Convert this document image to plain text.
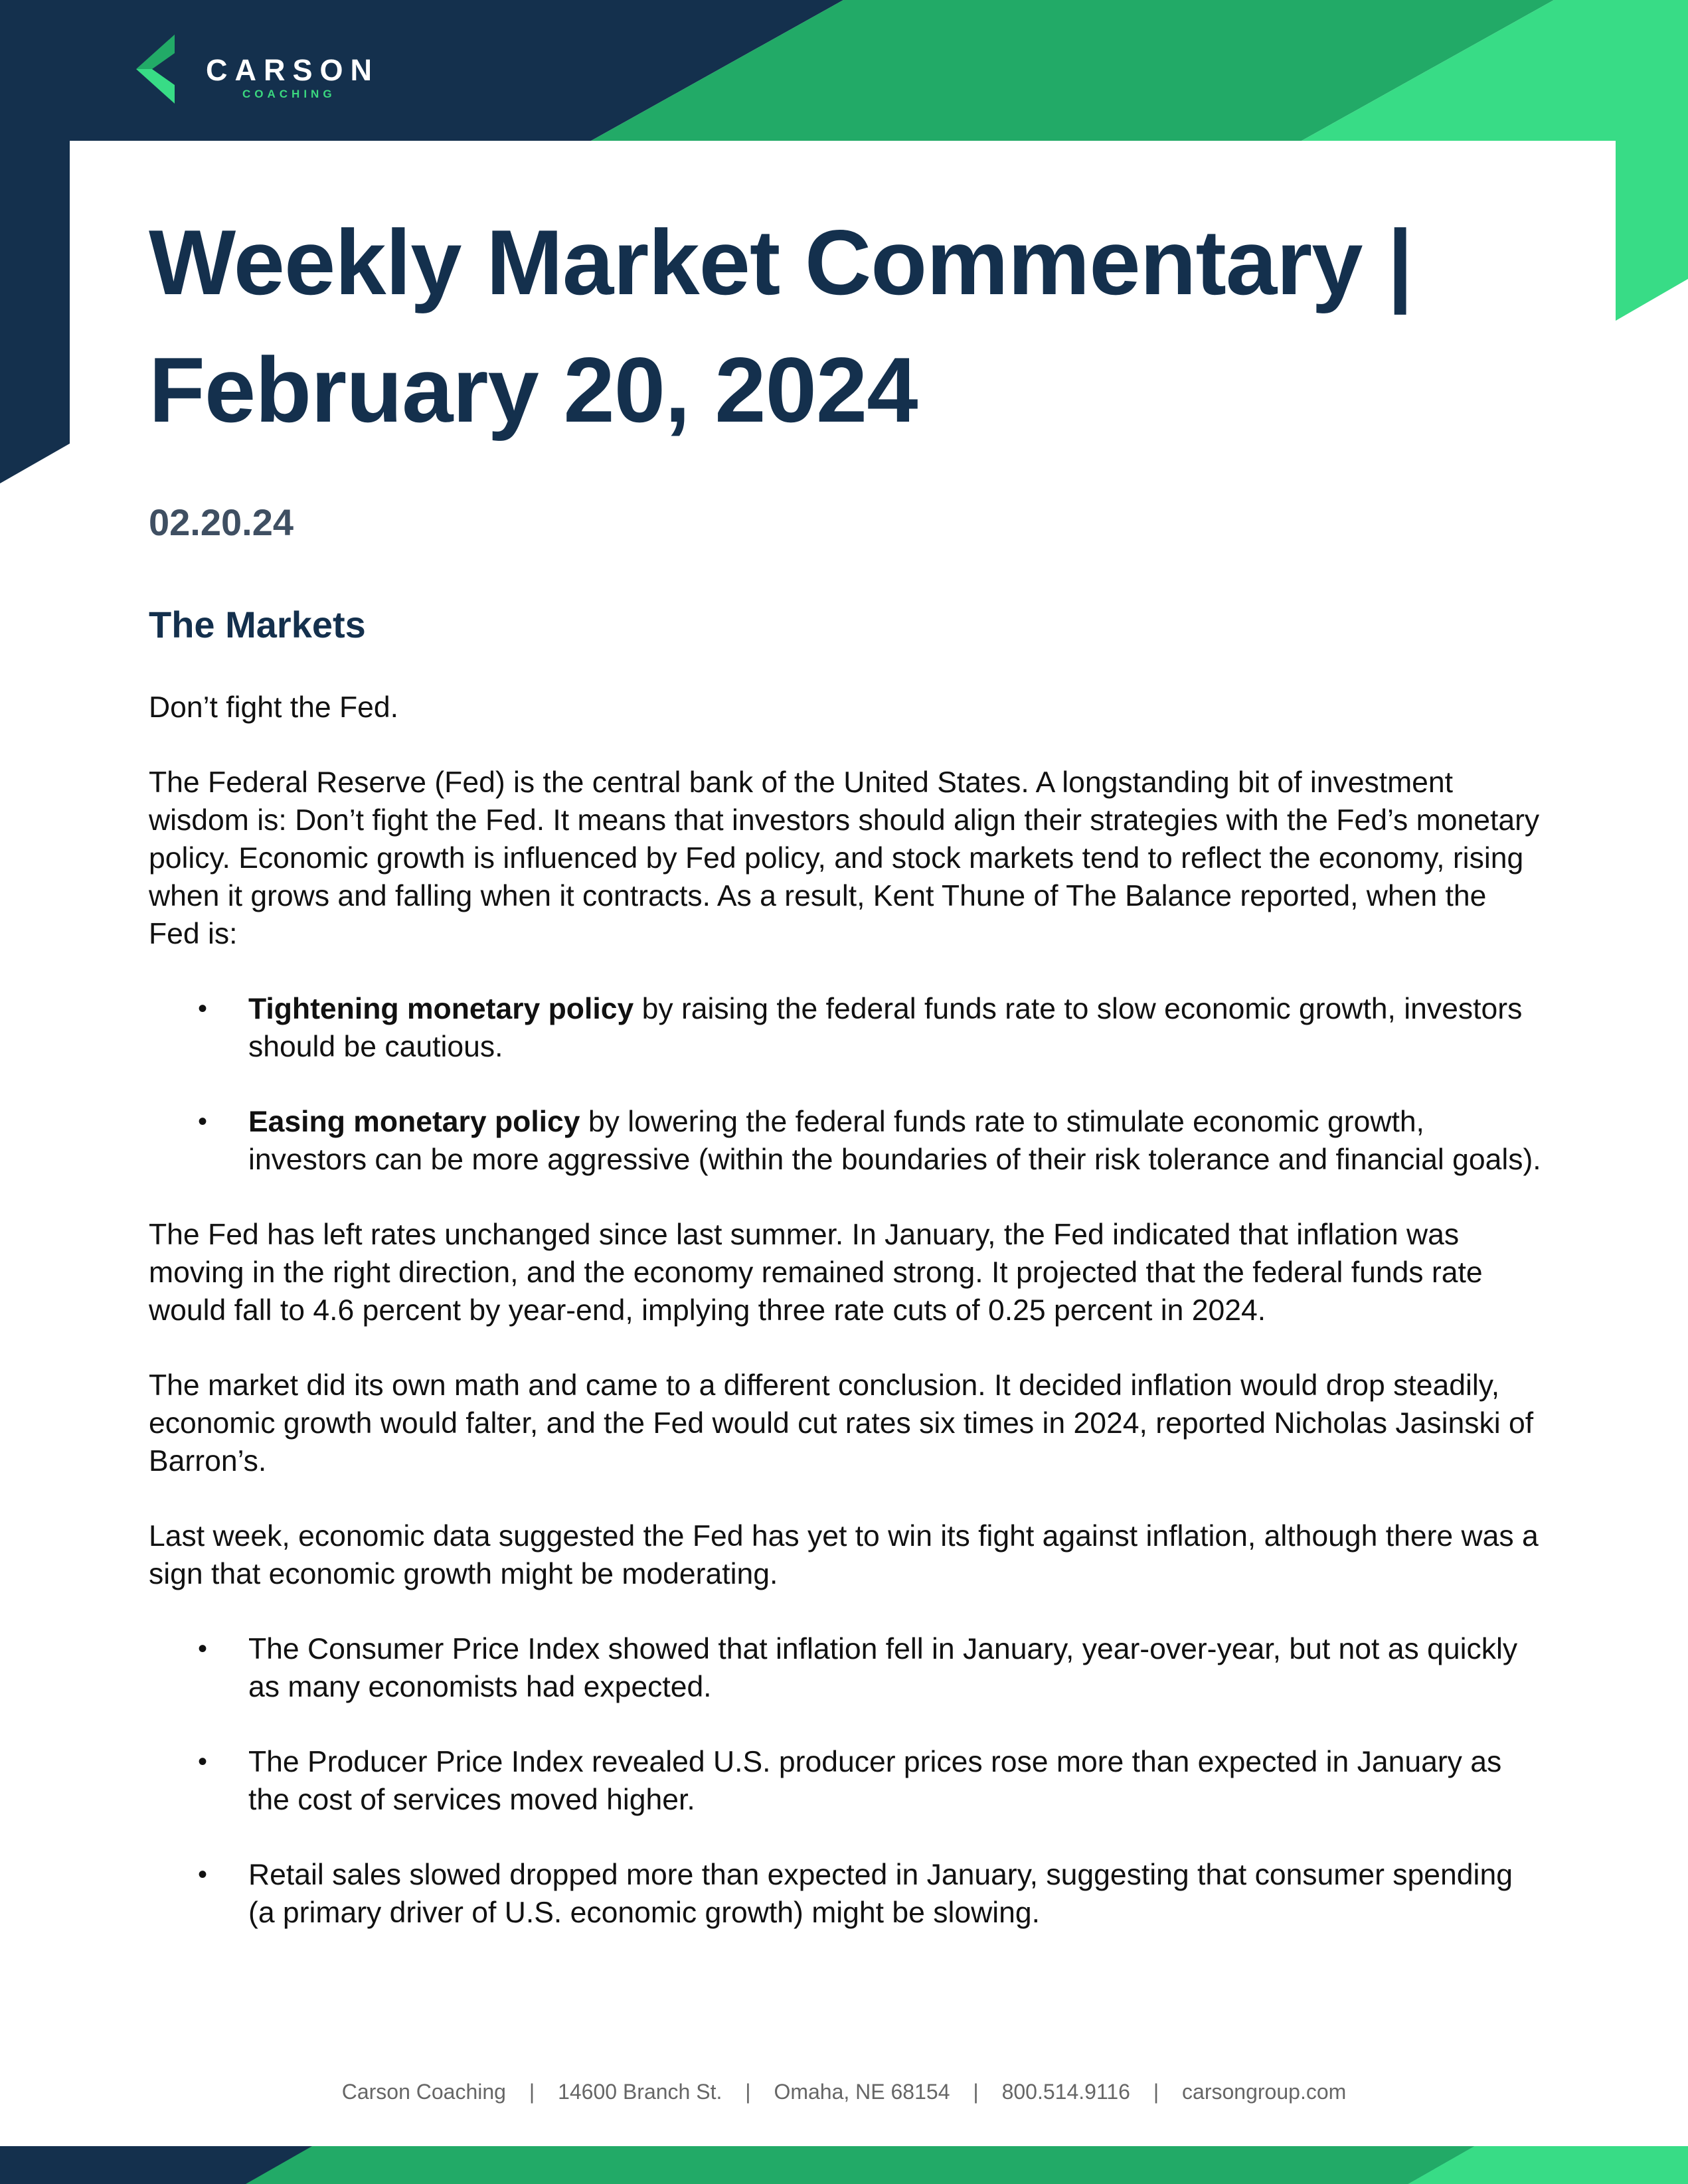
CARSON
COACHING
Weekly Market Commentary |
February 20, 2024
02.20.24
The Markets

Don’t fight the Fed.

The Federal Reserve (Fed) is the central bank of the United States. A longstanding bit of investment wisdom is: Don’t fight the Fed. It means that investors should align their strategies with the Fed’s monetary policy. Economic growth is influenced by Fed policy, and stock markets tend to reflect the economy, rising when it grows and falling when it contracts. As a result, Kent Thune of The Balance reported, when the Fed is:

• Tightening monetary policy by raising the federal funds rate to slow economic growth, investors should be cautious.
• Easing monetary policy by lowering the federal funds rate to stimulate economic growth, investors can be more aggressive (within the boundaries of their risk tolerance and financial goals).

The Fed has left rates unchanged since last summer. In January, the Fed indicated that inflation was moving in the right direction, and the economy remained strong. It projected that the federal funds rate would fall to 4.6 percent by year-end, implying three rate cuts of 0.25 percent in 2024.

The market did its own math and came to a different conclusion. It decided inflation would drop steadily, economic growth would falter, and the Fed would cut rates six times in 2024, reported Nicholas Jasinski of Barron’s.

Last week, economic data suggested the Fed has yet to win its fight against inflation, although there was a sign that economic growth might be moderating.

• The Consumer Price Index showed that inflation fell in January, year-over-year, but not as quickly as many economists had expected.
• The Producer Price Index revealed U.S. producer prices rose more than expected in January as the cost of services moved higher.
• Retail sales slowed dropped more than expected in January, suggesting that consumer spending (a primary driver of U.S. economic growth) might be slowing.
Carson Coaching | 14600 Branch St. | Omaha, NE 68154 | 800.514.9116 | carsongroup.com
